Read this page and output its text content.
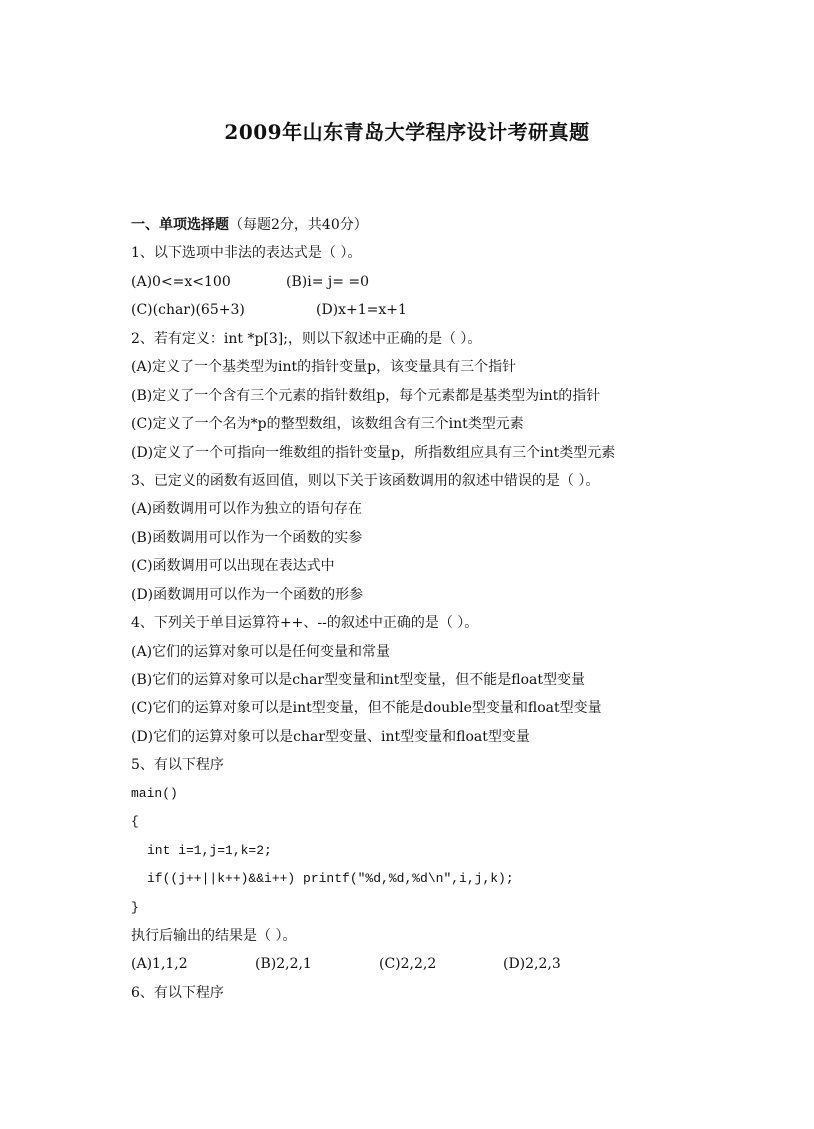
2009年山东青岛大学程序设计考研真题
一、单项选择题（每题2分，共40分）
1、以下选项中非法的表达式是（ ）。
(A)0<=x<100	(B)i= j= =0
(C)(char)(65+3)	(D)x+1=x+1
2、若有定义：int *p[3];，则以下叙述中正确的是（ ）。
(A)定义了一个基类型为int的指针变量p，该变量具有三个指针
(B)定义了一个含有三个元素的指针数组p，每个元素都是基类型为int的指针
(C)定义了一个名为*p的整型数组，该数组含有三个int类型元素
(D)定义了一个可指向一维数组的指针变量p，所指数组应具有三个int类型元素
3、已定义的函数有返回值，则以下关于该函数调用的叙述中错误的是（ ）。
(A)函数调用可以作为独立的语句存在
(B)函数调用可以作为一个函数的实参
(C)函数调用可以出现在表达式中
(D)函数调用可以作为一个函数的形参
4、下列关于单目运算符++、--的叙述中正确的是（ ）。
(A)它们的运算对象可以是任何变量和常量
(B)它们的运算对象可以是char型变量和int型变量，但不能是float型变量
(C)它们的运算对象可以是int型变量，但不能是double型变量和float型变量
(D)它们的运算对象可以是char型变量、int型变量和float型变量
5、有以下程序
main()
{
int i=1,j=1,k=2;
if((j++||k++)&&i++) printf("%d,%d,%d\n",i,j,k);
}
执行后输出的结果是（ ）。
(A)1,1,2	(B)2,2,1	(C)2,2,2	(D)2,2,3
6、有以下程序
